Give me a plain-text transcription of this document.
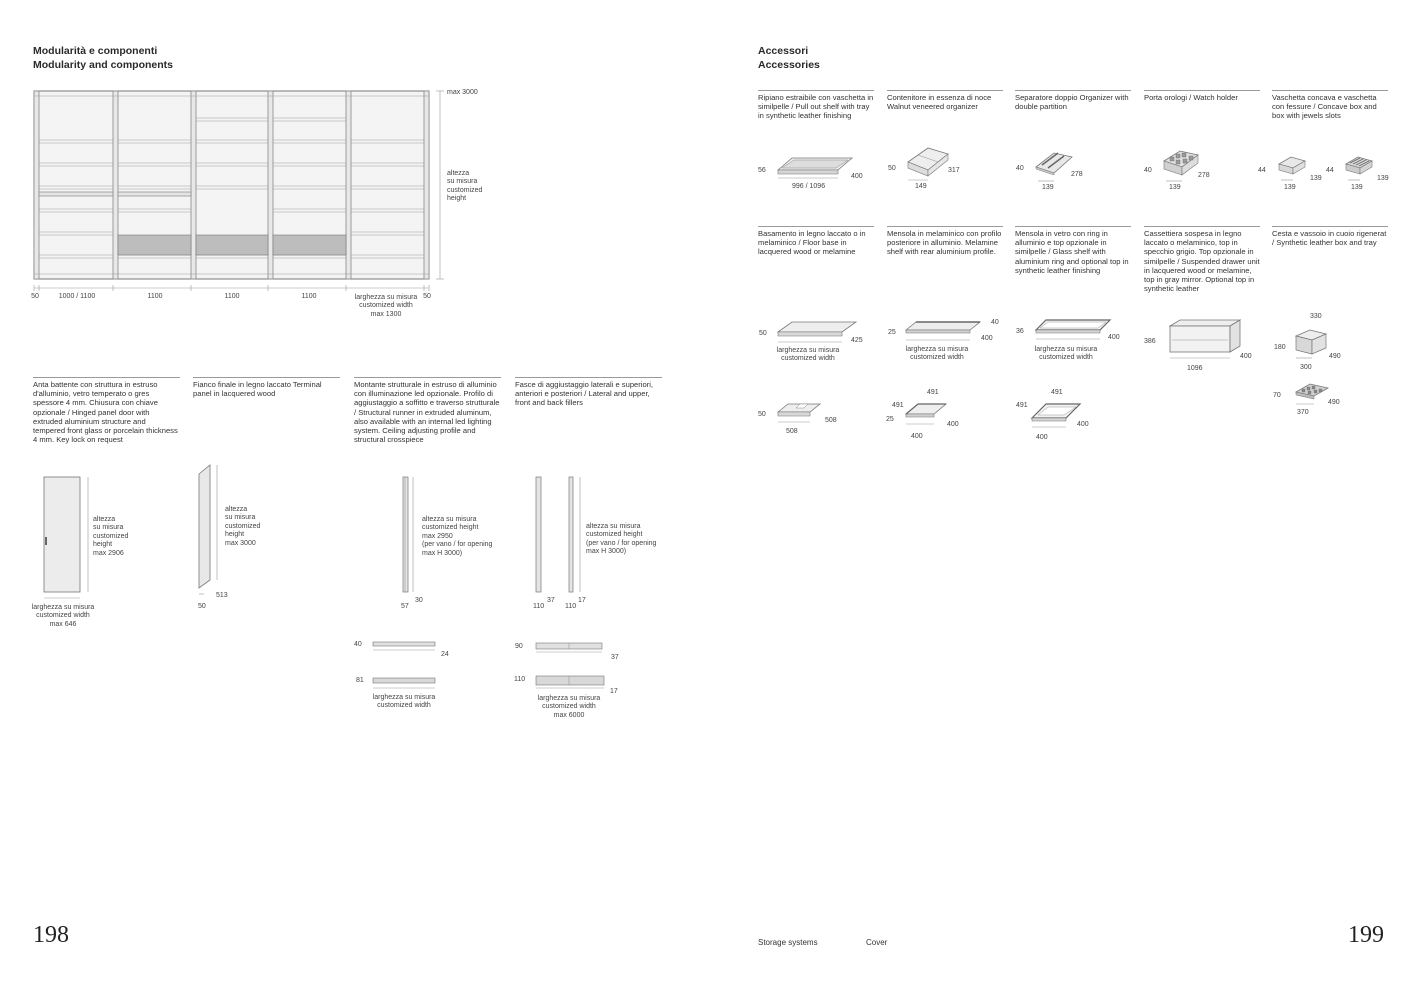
Modularità e componenti
Modularity and components
max 3000
altezza
su misura
customized
height
50	1000 / 1100	1100	1100	1100	50
larghezza su misura
customized width
max 1300
Anta battente con struttura in estruso d'alluminio, vetro temperato o gres spessore 4 mm. Chiusura con chiave opzionale / Hinged panel door with extruded aluminium structure and tempered front glass or porcelain thickness 4 mm. Key lock on request
Fianco finale in legno laccato Terminal panel in lacquered wood
Montante strutturale in estruso di alluminio con illuminazione led opzionale. Profilo di aggiustaggio a soffitto e traverso strutturale / Structural runner in extruded aluminum, also available with an internal led lighting system. Ceiling adjusting profile and structural crosspiece
Fasce di aggiustaggio laterali e superiori, anteriori e posteriori / Lateral and upper, front and back fillers
altezza
su misura
customized
height
max 2906
larghezza su misura
customized width
max 646
altezza
su misura
customized
height
max 3000
513
50
altezza su misura
customized height
max 2950
(per vano / for opening
max H 3000)
57
30
40
24
81
larghezza su misura
customized width
altezza su misura
customized height
(per vano / for opening
max H 3000)
110
37
110
17
90
37
110
17
larghezza su misura
customized width
max 6000
198
Accessori
Accessories
Ripiano estraibile con vaschetta in similpelle / Pull out shelf with tray in synthetic leather finishing
Contenitore in essenza di noce Walnut veneered organizer
Separatore doppio Organizer with double partition
Porta orologi / Watch holder	Vaschetta concava e vaschetta con fessure / Concave box and box with jewels slots
56
996 / 1096
400
50
149
317	40
139
278
40
139
278
44
139
139
44
139
139
Basamento in legno laccato o in melaminico / Floor base in lacquered wood or melamine
Mensola in melaminico con profilo posteriore in alluminio. Melamine shelf with rear aluminium profile.
Mensola in vetro con ring in alluminio e top opzionale in similpelle / Glass shelf with aluminium ring and optional top in synthetic leather finishing
Cassettiera sospesa in legno laccato o melaminico, top in specchio grigio. Top opzionale in similpelle / Suspended drawer unit in lacquered wood or melamine, top in gray mirror. Optional top in synthetic leather
Cesta e vassoio in cuoio rigenerat / Synthetic leather box and tray
50
425
larghezza su misura
customized width
508
508
50
25
40
400
larghezza su misura
customized width
491
491
25
400
400
36
400
larghezza su misura
customized width
491
491
400
400
386
1096
400
330
180
300
490
70
370
490
Storage systems	Cover	199
